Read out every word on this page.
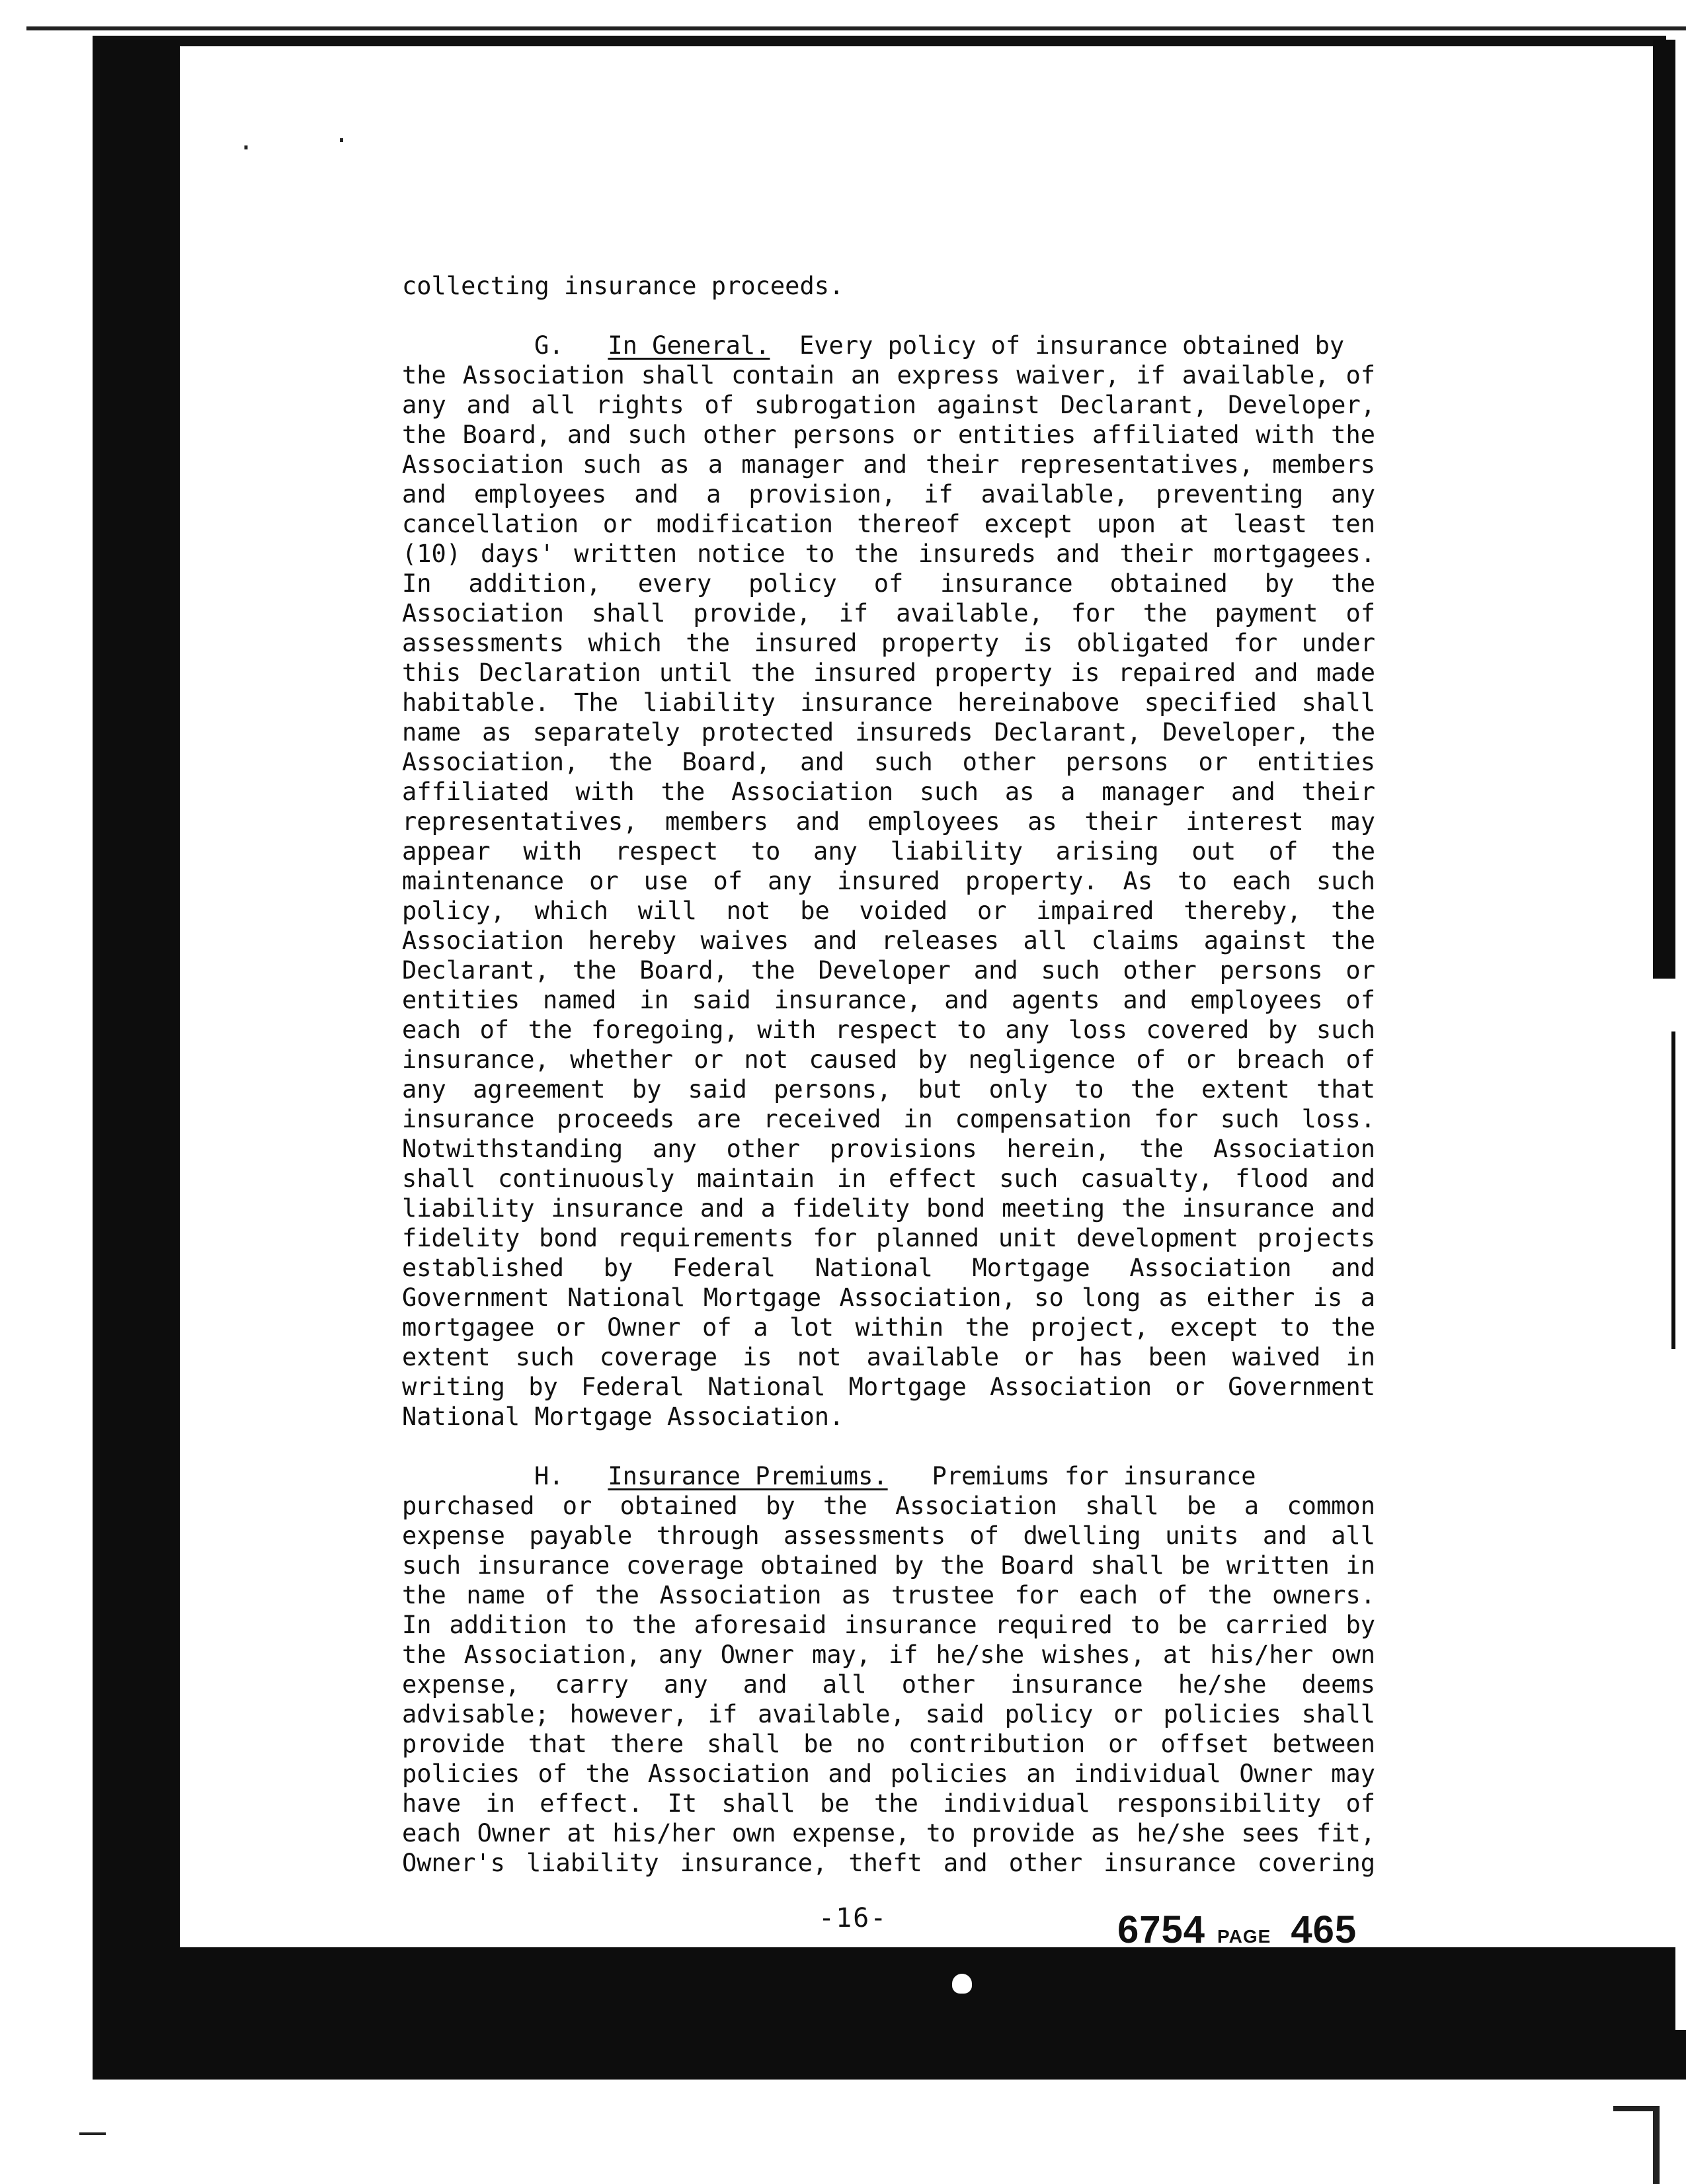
.     ·
collecting insurance proceeds.
G. In General. Every policy of insurance obtained by
the Association shall contain an express waiver, if available, of
any and all rights of subrogation against Declarant, Developer,
the Board, and such other persons or entities affiliated with the
Association such as a manager and their representatives, members
and employees and a provision, if available, preventing any
cancellation or modification thereof except upon at least ten
(10) days' written notice to the insureds and their mortgagees.
In addition, every policy of insurance obtained by the
Association shall provide, if available, for the payment of
assessments which the insured property is obligated for under
this Declaration until the insured property is repaired and made
habitable. The liability insurance hereinabove specified shall
name as separately protected insureds Declarant, Developer, the
Association, the Board, and such other persons or entities
affiliated with the Association such as a manager and their
representatives, members and employees as their interest may
appear with respect to any liability arising out of the
maintenance or use of any insured property. As to each such
policy, which will not be voided or impaired thereby, the
Association hereby waives and releases all claims against the
Declarant, the Board, the Developer and such other persons or
entities named in said insurance, and agents and employees of
each of the foregoing, with respect to any loss covered by such
insurance, whether or not caused by negligence of or breach of
any agreement by said persons, but only to the extent that
insurance proceeds are received in compensation for such loss.
Notwithstanding any other provisions herein, the Association
shall continuously maintain in effect such casualty, flood and
liability insurance and a fidelity bond meeting the insurance and
fidelity bond requirements for planned unit development projects
established by Federal National Mortgage Association and
Government National Mortgage Association, so long as either is a
mortgagee or Owner of a lot within the project, except to the
extent such coverage is not available or has been waived in
writing by Federal National Mortgage Association or Government
National Mortgage Association.
H. Insurance Premiums. Premiums for insurance
purchased or obtained by the Association shall be a common
expense payable through assessments of dwelling units and all
such insurance coverage obtained by the Board shall be written in
the name of the Association as trustee for each of the owners.
In addition to the aforesaid insurance required to be carried by
the Association, any Owner may, if he/she wishes, at his/her own
expense, carry any and all other insurance he/she deems
advisable; however, if available, said policy or policies shall
provide that there shall be no contribution or offset between
policies of the Association and policies an individual Owner may
have in effect. It shall be the individual responsibility of
each Owner at his/her own expense, to provide as he/she sees fit,
Owner's liability insurance, theft and other insurance covering
-16-	6754 PAGE 465
